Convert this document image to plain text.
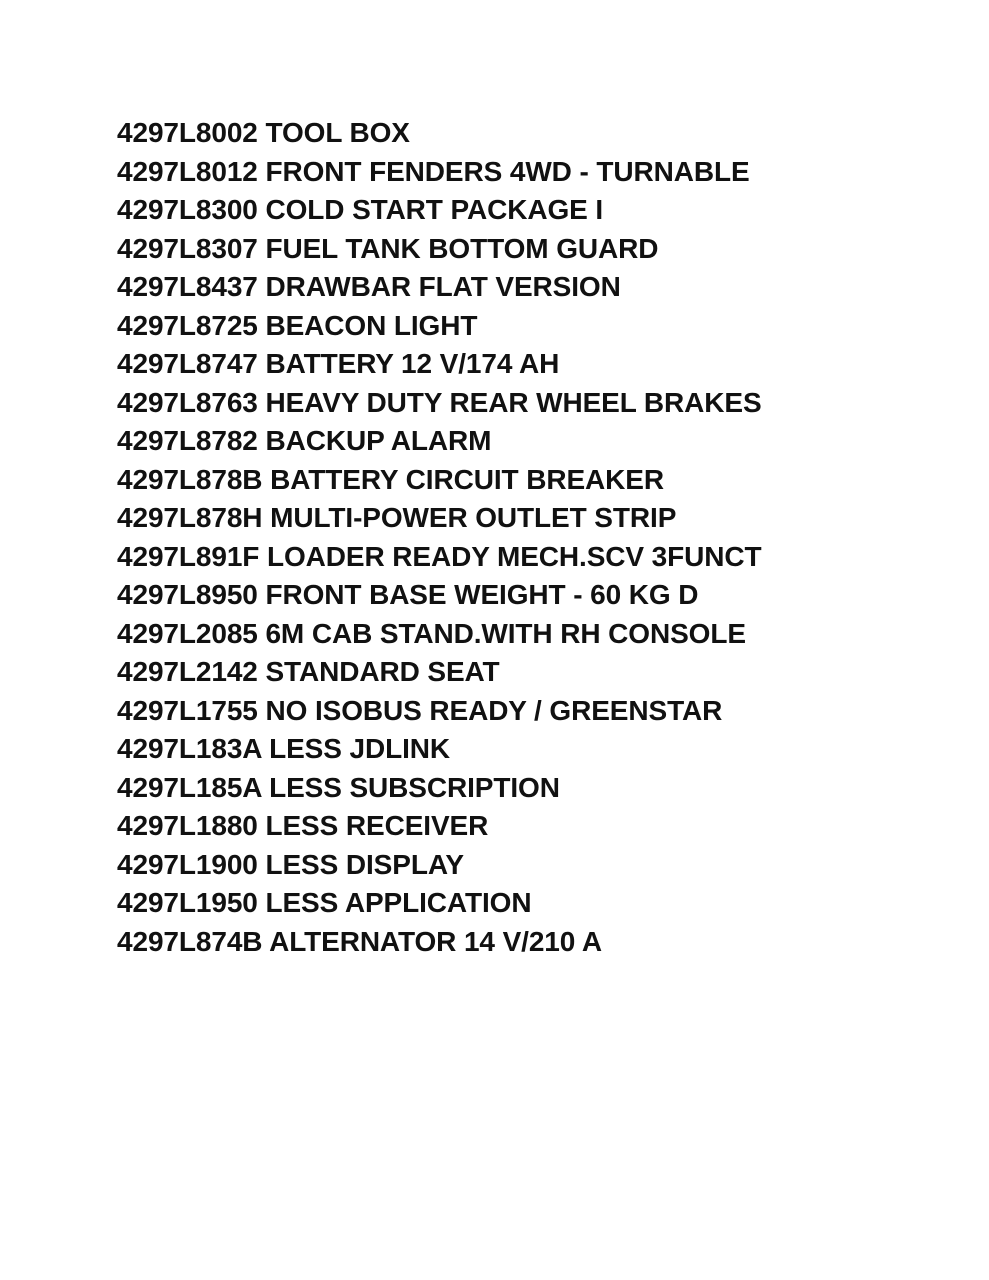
4297L8002 TOOL BOX
4297L8012 FRONT FENDERS 4WD - TURNABLE
4297L8300 COLD START PACKAGE I
4297L8307 FUEL TANK BOTTOM GUARD
4297L8437 DRAWBAR FLAT VERSION
4297L8725 BEACON LIGHT
4297L8747 BATTERY 12 V/174 AH
4297L8763 HEAVY DUTY REAR WHEEL BRAKES
4297L8782 BACKUP ALARM
4297L878B BATTERY CIRCUIT BREAKER
4297L878H MULTI-POWER OUTLET STRIP
4297L891F LOADER READY MECH.SCV 3FUNCT
4297L8950 FRONT BASE WEIGHT - 60 KG D
4297L2085 6M CAB STAND.WITH RH CONSOLE
4297L2142 STANDARD SEAT
4297L1755 NO ISOBUS READY / GREENSTAR
4297L183A LESS JDLINK
4297L185A LESS SUBSCRIPTION
4297L1880 LESS RECEIVER
4297L1900 LESS DISPLAY
4297L1950 LESS APPLICATION
4297L874B ALTERNATOR 14 V/210 A
